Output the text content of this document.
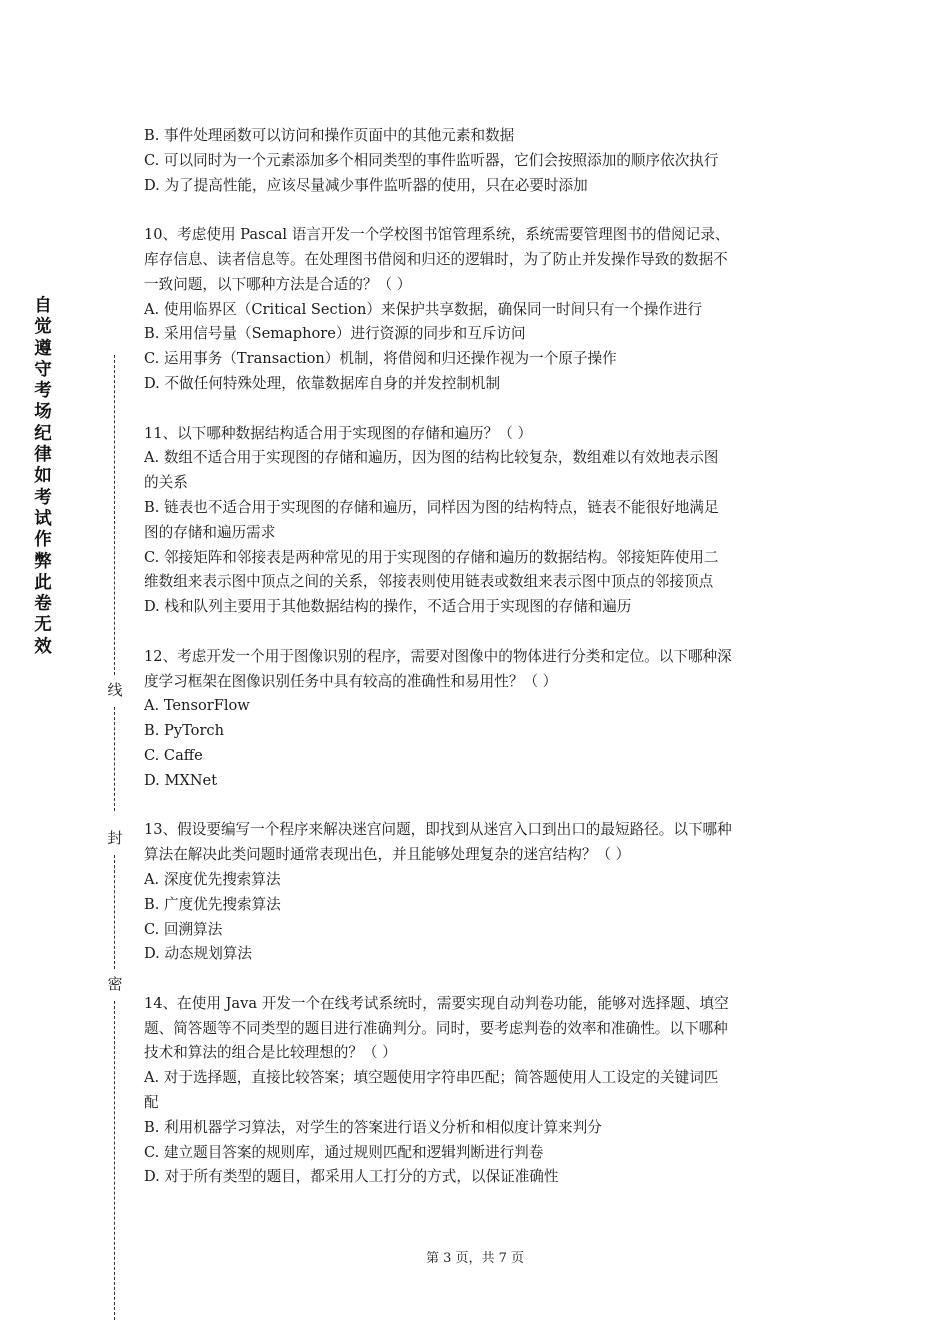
自觉遵守考场纪律如考试作弊此卷无效
线
封
密
B. 事件处理函数可以访问和操作页面中的其他元素和数据
C. 可以同时为一个元素添加多个相同类型的事件监听器，它们会按照添加的顺序依次执行
D. 为了提高性能，应该尽量减少事件监听器的使用，只在必要时添加
10、考虑使用 Pascal 语言开发一个学校图书馆管理系统，系统需要管理图书的借阅记录、
库存信息、读者信息等。在处理图书借阅和归还的逻辑时，为了防止并发操作导致的数据不
一致问题，以下哪种方法是合适的？（ ）
A. 使用临界区（Critical Section）来保护共享数据，确保同一时间只有一个操作进行
B. 采用信号量（Semaphore）进行资源的同步和互斥访问
C. 运用事务（Transaction）机制，将借阅和归还操作视为一个原子操作
D. 不做任何特殊处理，依靠数据库自身的并发控制机制
11、以下哪种数据结构适合用于实现图的存储和遍历？（ ）
A. 数组不适合用于实现图的存储和遍历，因为图的结构比较复杂，数组难以有效地表示图
的关系
B. 链表也不适合用于实现图的存储和遍历，同样因为图的结构特点，链表不能很好地满足
图的存储和遍历需求
C. 邻接矩阵和邻接表是两种常见的用于实现图的存储和遍历的数据结构。邻接矩阵使用二
维数组来表示图中顶点之间的关系，邻接表则使用链表或数组来表示图中顶点的邻接顶点
D. 栈和队列主要用于其他数据结构的操作，不适合用于实现图的存储和遍历
12、考虑开发一个用于图像识别的程序，需要对图像中的物体进行分类和定位。以下哪种深
度学习框架在图像识别任务中具有较高的准确性和易用性？（ ）
A. TensorFlow
B. PyTorch
C. Caffe
D. MXNet
13、假设要编写一个程序来解决迷宫问题，即找到从迷宫入口到出口的最短路径。以下哪种
算法在解决此类问题时通常表现出色，并且能够处理复杂的迷宫结构？（ ）
A. 深度优先搜索算法
B. 广度优先搜索算法
C. 回溯算法
D. 动态规划算法
14、在使用 Java 开发一个在线考试系统时，需要实现自动判卷功能，能够对选择题、填空
题、简答题等不同类型的题目进行准确判分。同时，要考虑判卷的效率和准确性。以下哪种
技术和算法的组合是比较理想的？（ ）
A. 对于选择题，直接比较答案；填空题使用字符串匹配；简答题使用人工设定的关键词匹
配
B. 利用机器学习算法，对学生的答案进行语义分析和相似度计算来判分
C. 建立题目答案的规则库，通过规则匹配和逻辑判断进行判卷
D. 对于所有类型的题目，都采用人工打分的方式，以保证准确性
第 3 页，共 7 页
